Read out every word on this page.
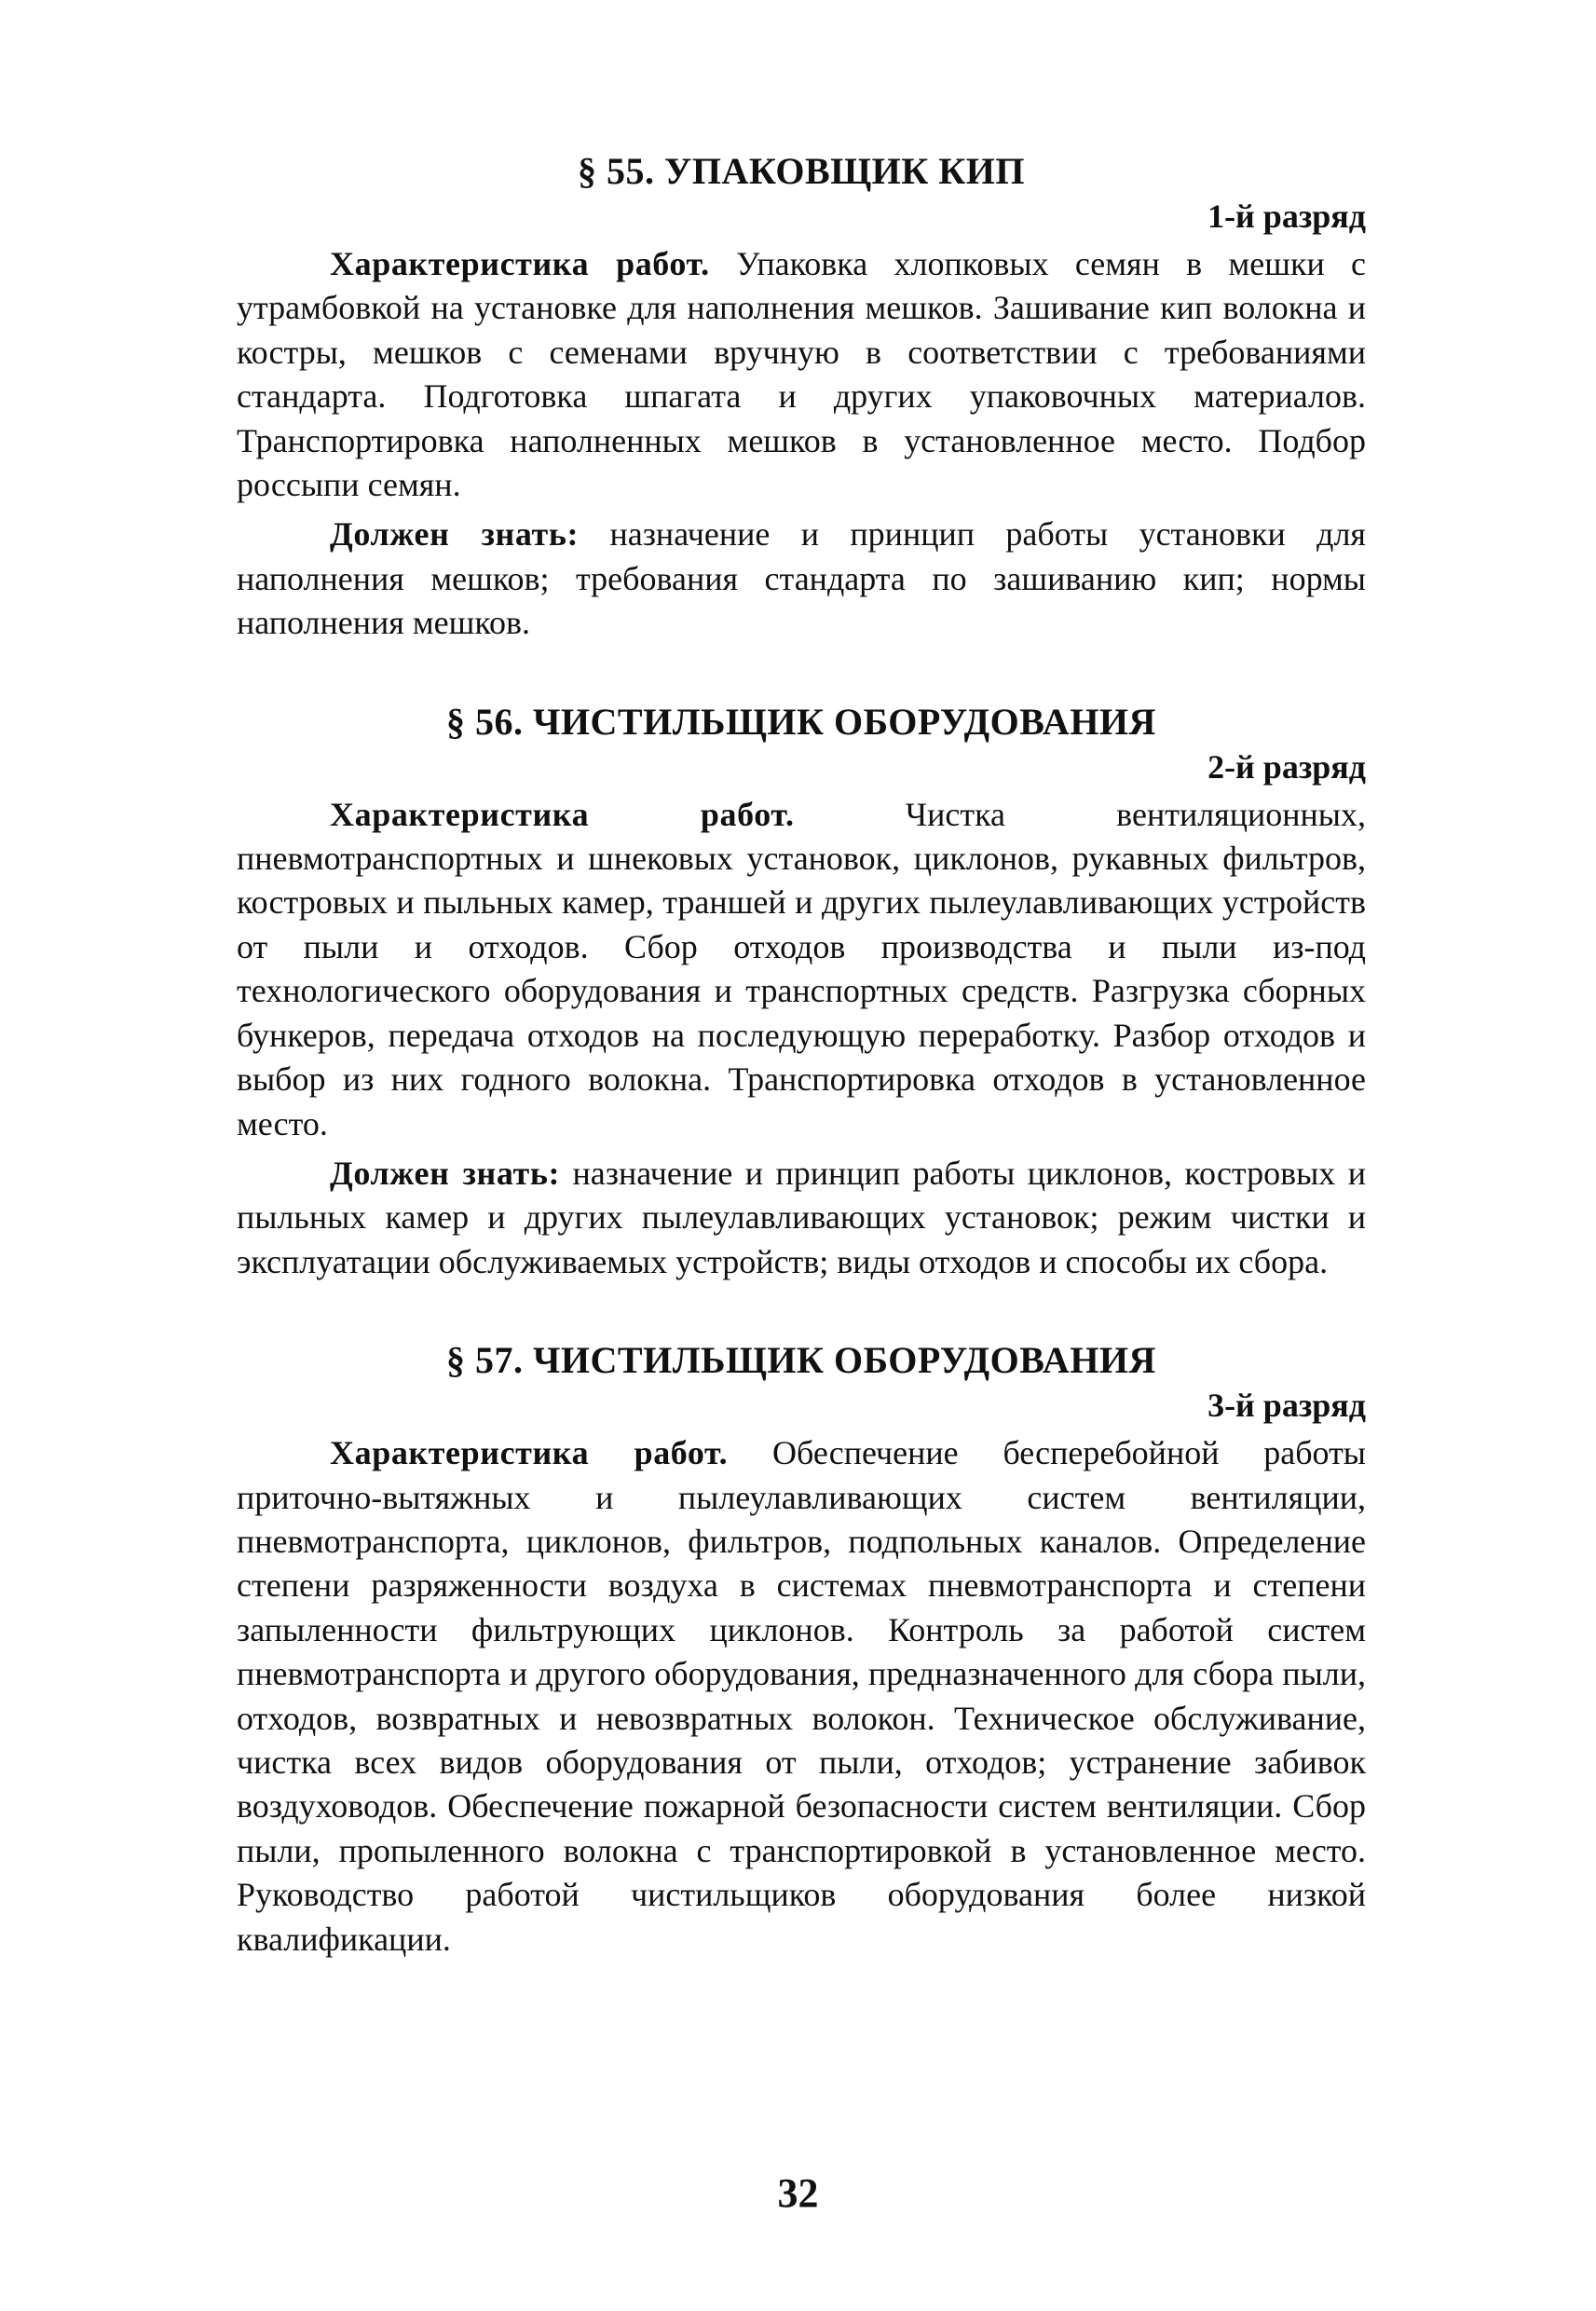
§ 55. УПАКОВЩИК КИП
1-й разряд

Характеристика работ. Упаковка хлопковых семян в мешки с утрамбовкой на установке для наполнения мешков. Зашивание кип волокна и костры, мешков с семенами вручную в соответствии с требованиями стандарта. Подготовка шпагата и других упаковочных материалов. Транспортировка наполненных мешков в установленное место. Подбор россыпи семян.

Должен знать: назначение и принцип работы установки для наполнения мешков; требования стандарта по зашиванию кип; нормы наполнения мешков.

§ 56. ЧИСТИЛЬЩИК ОБОРУДОВАНИЯ
2-й разряд

Характеристика работ. Чистка вентиляционных, пневмотранспортных и шнековых установок, циклонов, рукавных фильтров, костровых и пыльных камер, траншей и других пылеулавливающих устройств от пыли и отходов. Сбор отходов производства и пыли из-под технологического оборудования и транспортных средств. Разгрузка сборных бункеров, передача отходов на последующую переработку. Разбор отходов и выбор из них годного волокна. Транспортировка отходов в установленное место.

Должен знать: назначение и принцип работы циклонов, костровых и пыльных камер и других пылеулавливающих установок; режим чистки и эксплуатации обслуживаемых устройств; виды отходов и способы их сбора.

§ 57. ЧИСТИЛЬЩИК ОБОРУДОВАНИЯ
3-й разряд

Характеристика работ. Обеспечение бесперебойной работы приточно-вытяжных и пылеулавливающих систем вентиляции, пневмотранспорта, циклонов, фильтров, подпольных каналов. Определение степени разряженности воздуха в системах пневмотранспорта и степени запыленности фильтрующих циклонов. Контроль за работой систем пневмотранспорта и другого оборудования, предназначенного для сбора пыли, отходов, возвратных и невозвратных волокон. Техническое обслуживание, чистка всех видов оборудования от пыли, отходов; устранение забивок воздуховодов. Обеспечение пожарной безопасности систем вентиляции. Сбор пыли, пропыленного волокна с транспортировкой в установленное место. Руководство работой чистильщиков оборудования более низкой квалификации.

32
